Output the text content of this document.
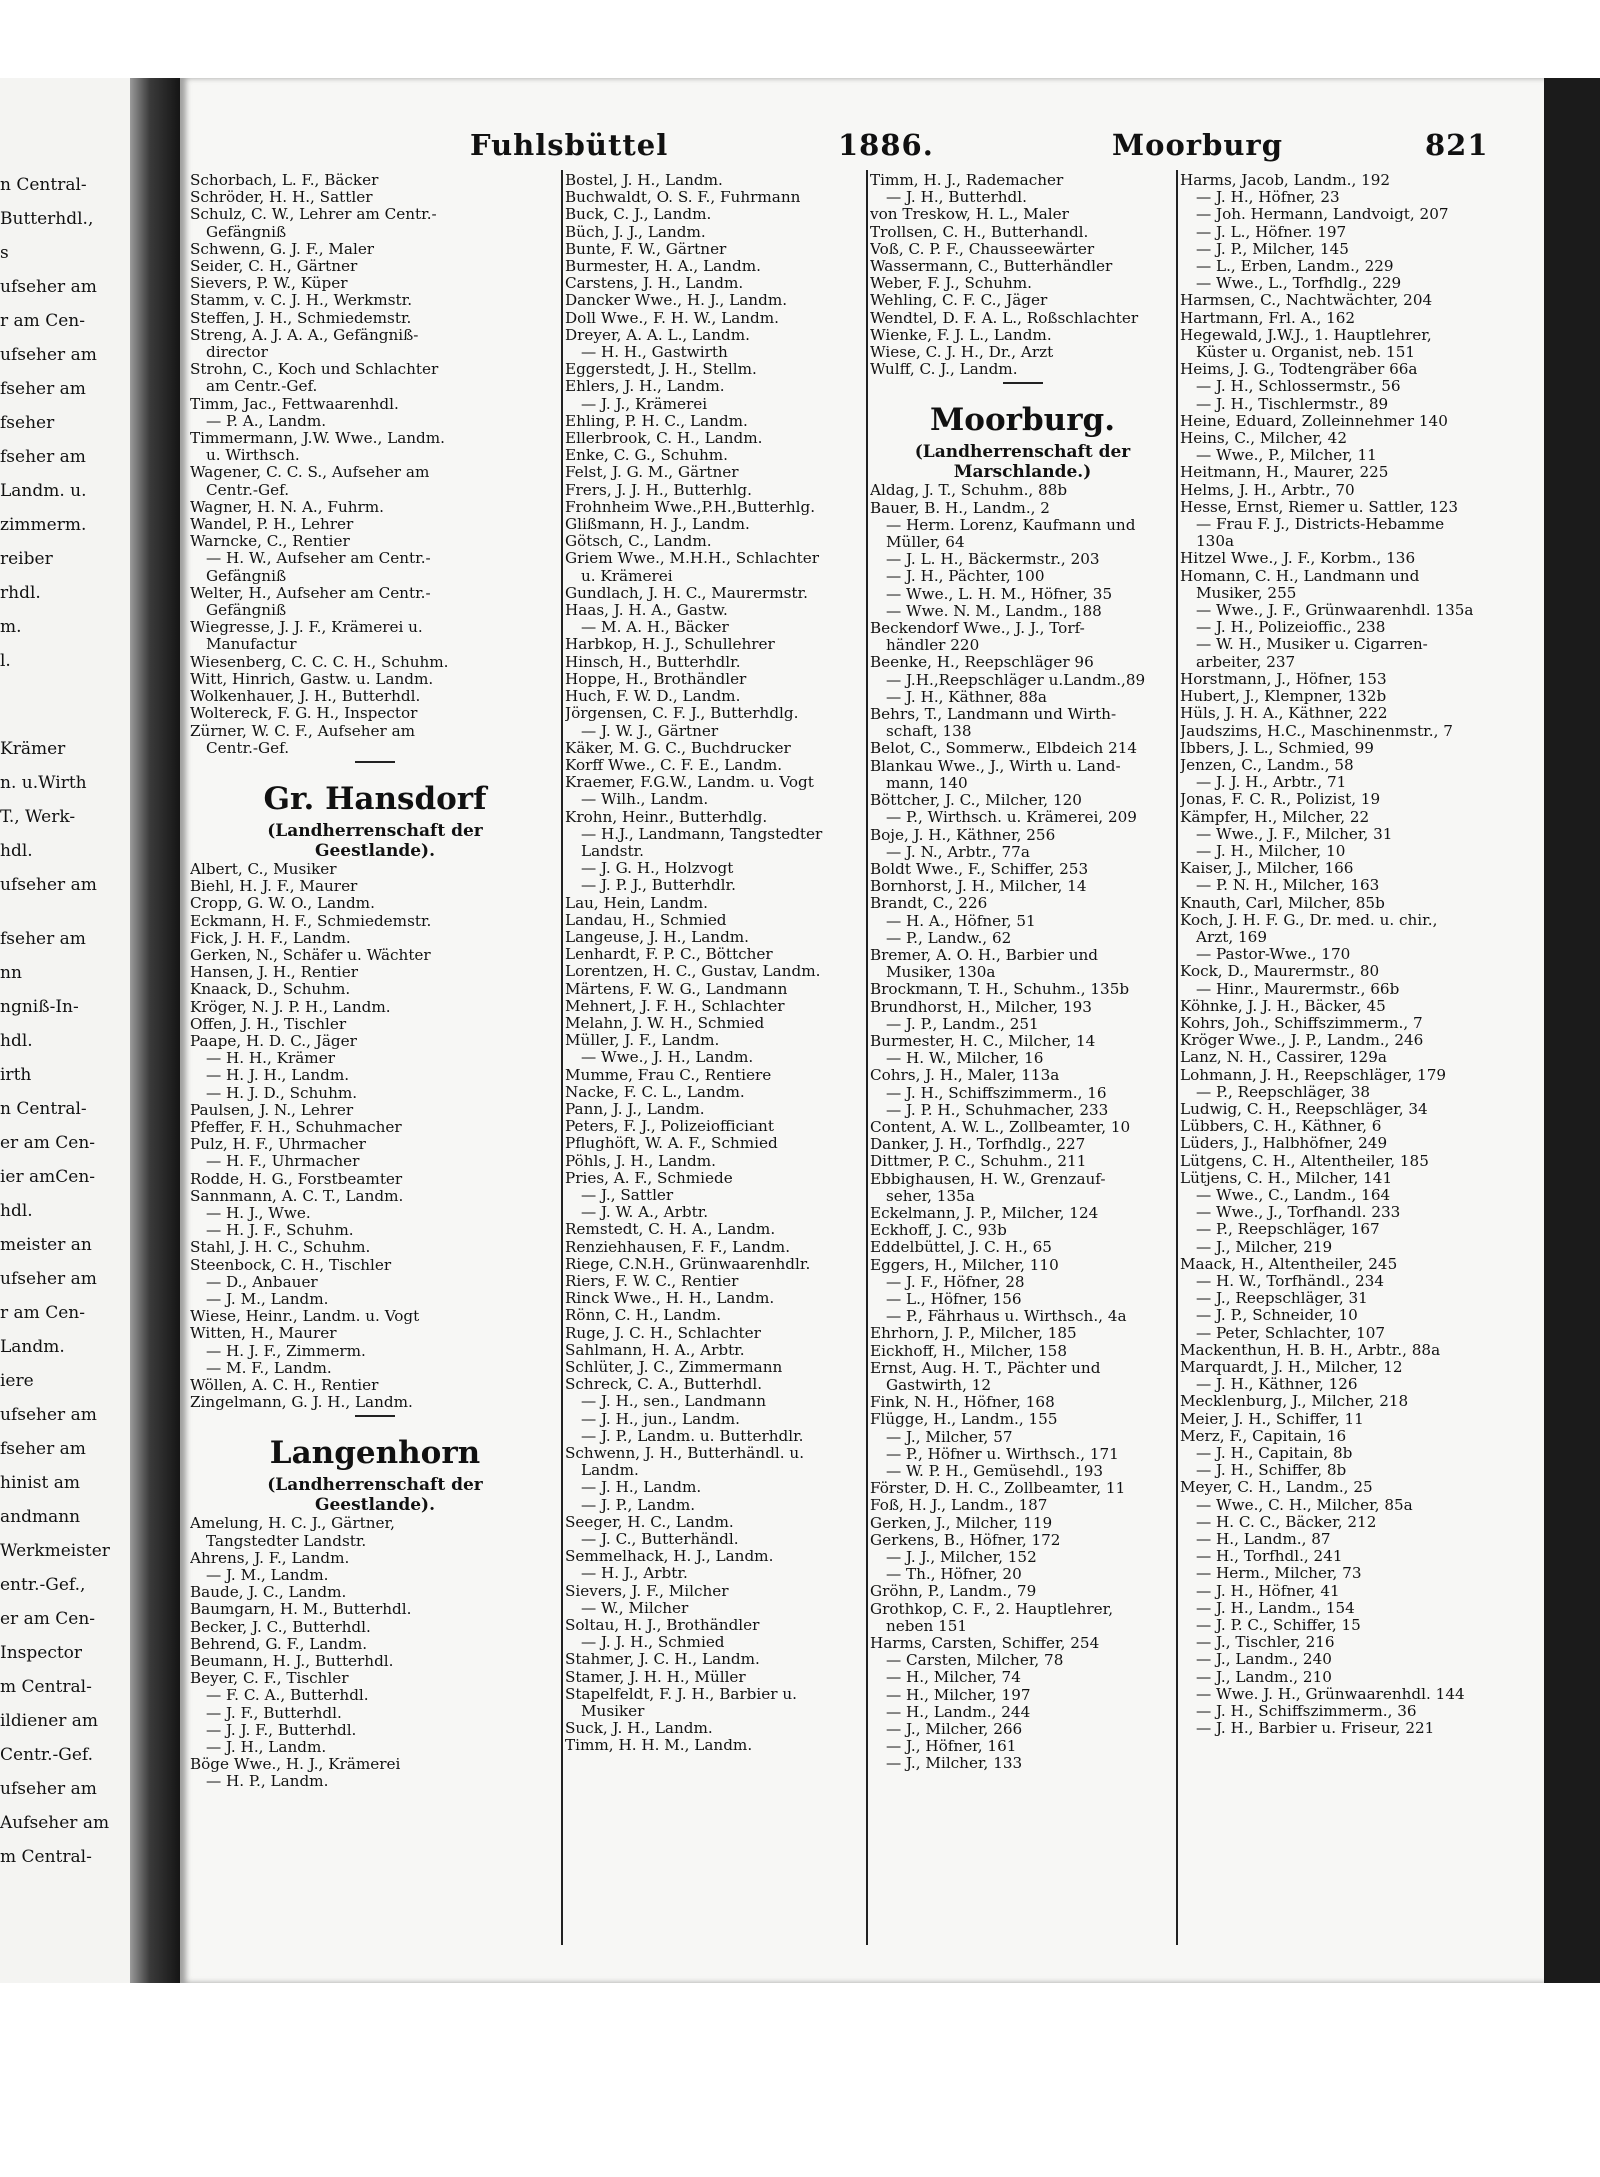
n Central-
Butterhdl.,
s
ufseher am
r am Cen-
ufseher am
fseher am
fseher
fseher am
Landm. u.
zimmerm.
reiber
rhdl.
m.
l.
Krämer
n. u.Wirth
T., Werk-
hdl.
ufseher am
fseher am
nn
ngniß-In-
hdl.
irth
n Central-
er am Cen-
ier amCen-
hdl.
meister an
ufseher am
r am Cen-
Landm.
iere
ufseher am
fseher am
hinist am
andmann
Werkmeister
entr.-Gef.,
er am Cen-
Inspector
m Central-
ildiener am
Centr.-Gef.
ufseher am
Aufseher am
m Central-
Fuhlsbüttel	1886.	Moorburg	821
Schorbach, L. F., Bäcker
Schröder, H. H., Sattler
Schulz, C. W., Lehrer am Centr.-
Gefängniß
Schwenn, G. J. F., Maler
Seider, C. H., Gärtner
Sievers, P. W., Küper
Stamm, v. C. J. H., Werkmstr.
Steffen, J. H., Schmiedemstr.
Streng, A. J. A. A., Gefängniß-
director
Strohn, C., Koch und Schlachter
am Centr.-Gef.
Timm, Jac., Fettwaarenhdl.
— P. A., Landm.
Timmermann, J.W. Wwe., Landm.
u. Wirthsch.
Wagener, C. C. S., Aufseher am
Centr.-Gef.
Wagner, H. N. A., Fuhrm.
Wandel, P. H., Lehrer
Warncke, C., Rentier
— H. W., Aufseher am Centr.-
Gefängniß
Welter, H., Aufseher am Centr.-
Gefängniß
Wiegresse, J. J. F., Krämerei u.
Manufactur
Wiesenberg, C. C. C. H., Schuhm.
Witt, Hinrich, Gastw. u. Landm.
Wolkenhauer, J. H., Butterhdl.
Woltereck, F. G. H., Inspector
Zürner, W. C. F., Aufseher am
Centr.-Gef.
Gr. Hansdorf
(Landherrenschaft der
Geestlande).
Albert, C., Musiker
Biehl, H. J. F., Maurer
Cropp, G. W. O., Landm.
Eckmann, H. F., Schmiedemstr.
Fick, J. H. F., Landm.
Gerken, N., Schäfer u. Wächter
Hansen, J. H., Rentier
Knaack, D., Schuhm.
Kröger, N. J. P. H., Landm.
Offen, J. H., Tischler
Paape, H. D. C., Jäger
— H. H., Krämer
— H. J. H., Landm.
— H. J. D., Schuhm.
Paulsen, J. N., Lehrer
Pfeffer, F. H., Schuhmacher
Pulz, H. F., Uhrmacher
— H. F., Uhrmacher
Rodde, H. G., Forstbeamter
Sannmann, A. C. T., Landm.
— H. J., Wwe.
— H. J. F., Schuhm.
Stahl, J. H. C., Schuhm.
Steenbock, C. H., Tischler
— D., Anbauer
— J. M., Landm.
Wiese, Heinr., Landm. u. Vogt
Witten, H., Maurer
— H. J. F., Zimmerm.
— M. F., Landm.
Wöllen, A. C. H., Rentier
Zingelmann, G. J. H., Landm.
Langenhorn
(Landherrenschaft der
Geestlande).
Amelung, H. C. J., Gärtner,
Tangstedter Landstr.
Ahrens, J. F., Landm.
— J. M., Landm.
Baude, J. C., Landm.
Baumgarn, H. M., Butterhdl.
Becker, J. C., Butterhdl.
Behrend, G. F., Landm.
Beumann, H. J., Butterhdl.
Beyer, C. F., Tischler
— F. C. A., Butterhdl.
— J. F., Butterhdl.
— J. J. F., Butterhdl.
— J. H., Landm.
Böge Wwe., H. J., Krämerei
— H. P., Landm.
Bostel, J. H., Landm.
Buchwaldt, O. S. F., Fuhrmann
Buck, C. J., Landm.
Büch, J. J., Landm.
Bunte, F. W., Gärtner
Burmester, H. A., Landm.
Carstens, J. H., Landm.
Dancker Wwe., H. J., Landm.
Doll Wwe., F. H. W., Landm.
Dreyer, A. A. L., Landm.
— H. H., Gastwirth
Eggerstedt, J. H., Stellm.
Ehlers, J. H., Landm.
— J. J., Krämerei
Ehling, P. H. C., Landm.
Ellerbrook, C. H., Landm.
Enke, C. G., Schuhm.
Felst, J. G. M., Gärtner
Frers, J. J. H., Butterhlg.
Frohnheim Wwe.,P.H.,Butterhlg.
Glißmann, H. J., Landm.
Götsch, C., Landm.
Griem Wwe., M.H.H., Schlachter
u. Krämerei
Gundlach, J. H. C., Maurermstr.
Haas, J. H. A., Gastw.
— M. A. H., Bäcker
Harbkop, H. J., Schullehrer
Hinsch, H., Butterhdlr.
Hoppe, H., Brothändler
Huch, F. W. D., Landm.
Jörgensen, C. F. J., Butterhdlg.
— J. W. J., Gärtner
Käker, M. G. C., Buchdrucker
Korff Wwe., C. F. E., Landm.
Kraemer, F.G.W., Landm. u. Vogt
— Wilh., Landm.
Krohn, Heinr., Butterhdlg.
— H.J., Landmann, Tangstedter
Landstr.
— J. G. H., Holzvogt
— J. P. J., Butterhdlr.
Lau, Hein, Landm.
Landau, H., Schmied
Langeuse, J. H., Landm.
Lenhardt, F. P. C., Böttcher
Lorentzen, H. C., Gustav, Landm.
Märtens, F. W. G., Landmann
Mehnert, J. F. H., Schlachter
Melahn, J. W. H., Schmied
Müller, J. F., Landm.
— Wwe., J. H., Landm.
Mumme, Frau C., Rentiere
Nacke, F. C. L., Landm.
Pann, J. J., Landm.
Peters, F. J., Polizeiofficiant
Pflughöft, W. A. F., Schmied
Pöhls, J. H., Landm.
Pries, A. F., Schmiede
— J., Sattler
— J. W. A., Arbtr.
Remstedt, C. H. A., Landm.
Renziehhausen, F. F., Landm.
Riege, C.N.H., Grünwaarenhdlr.
Riers, F. W. C., Rentier
Rinck Wwe., H. H., Landm.
Rönn, C. H., Landm.
Ruge, J. C. H., Schlachter
Sahlmann, H. A., Arbtr.
Schlüter, J. C., Zimmermann
Schreck, C. A., Butterhdl.
— J. H., sen., Landmann
— J. H., jun., Landm.
— J. P., Landm. u. Butterhdlr.
Schwenn, J. H., Butterhändl. u.
Landm.
— J. H., Landm.
— J. P., Landm.
Seeger, H. C., Landm.
— J. C., Butterhändl.
Semmelhack, H. J., Landm.
— H. J., Arbtr.
Sievers, J. F., Milcher
— W., Milcher
Soltau, H. J., Brothändler
— J. J. H., Schmied
Stahmer, J. C. H., Landm.
Stamer, J. H. H., Müller
Stapelfeldt, F. J. H., Barbier u.
Musiker
Suck, J. H., Landm.
Timm, H. H. M., Landm.
Timm, H. J., Rademacher
— J. H., Butterhdl.
von Treskow, H. L., Maler
Trollsen, C. H., Butterhandl.
Voß, C. P. F., Chausseewärter
Wassermann, C., Butterhändler
Weber, F. J., Schuhm.
Wehling, C. F. C., Jäger
Wendtel, D. F. A. L., Roßschlachter
Wienke, F. J. L., Landm.
Wiese, C. J. H., Dr., Arzt
Wulff, C. J., Landm.
Moorburg.
(Landherrenschaft der
Marschlande.)
Aldag, J. T., Schuhm., 88b
Bauer, B. H., Landm., 2
— Herm. Lorenz, Kaufmann und
Müller, 64
— J. L. H., Bäckermstr., 203
— J. H., Pächter, 100
— Wwe., L. H. M., Höfner, 35
— Wwe. N. M., Landm., 188
Beckendorf Wwe., J. J., Torf-
händler 220
Beenke, H., Reepschläger 96
— J.H.,Reepschläger u.Landm.,89
— J. H., Käthner, 88a
Behrs, T., Landmann und Wirth-
schaft, 138
Belot, C., Sommerw., Elbdeich 214
Blankau Wwe., J., Wirth u. Land-
mann, 140
Böttcher, J. C., Milcher, 120
— P., Wirthsch. u. Krämerei, 209
Boje, J. H., Käthner, 256
— J. N., Arbtr., 77a
Boldt Wwe., F., Schiffer, 253
Bornhorst, J. H., Milcher, 14
Brandt, C., 226
— H. A., Höfner, 51
— P., Landw., 62
Bremer, A. O. H., Barbier und
Musiker, 130a
Brockmann, T. H., Schuhm., 135b
Brundhorst, H., Milcher, 193
— J. P., Landm., 251
Burmester, H. C., Milcher, 14
— H. W., Milcher, 16
Cohrs, J. H., Maler, 113a
— J. H., Schiffszimmerm., 16
— J. P. H., Schuhmacher, 233
Content, A. W. L., Zollbeamter, 10
Danker, J. H., Torfhdlg., 227
Dittmer, P. C., Schuhm., 211
Ebbighausen, H. W., Grenzauf-
seher, 135a
Eckelmann, J. P., Milcher, 124
Eckhoff, J. C., 93b
Eddelbüttel, J. C. H., 65
Eggers, H., Milcher, 110
— J. F., Höfner, 28
— L., Höfner, 156
— P., Fährhaus u. Wirthsch., 4a
Ehrhorn, J. P., Milcher, 185
Eickhoff, H., Milcher, 158
Ernst, Aug. H. T., Pächter und
Gastwirth, 12
Fink, N. H., Höfner, 168
Flügge, H., Landm., 155
— J., Milcher, 57
— P., Höfner u. Wirthsch., 171
— W. P. H., Gemüsehdl., 193
Förster, D. H. C., Zollbeamter, 11
Foß, H. J., Landm., 187
Gerken, J., Milcher, 119
Gerkens, B., Höfner, 172
— J. J., Milcher, 152
— Th., Höfner, 20
Gröhn, P., Landm., 79
Grothkop, C. F., 2. Hauptlehrer,
neben 151
Harms, Carsten, Schiffer, 254
— Carsten, Milcher, 78
— H., Milcher, 74
— H., Milcher, 197
— H., Landm., 244
— J., Milcher, 266
— J., Höfner, 161
— J., Milcher, 133
Harms, Jacob, Landm., 192
— J. H., Höfner, 23
— Joh. Hermann, Landvoigt, 207
— J. L., Höfner. 197
— J. P., Milcher, 145
— L., Erben, Landm., 229
— Wwe., L., Torfhdlg., 229
Harmsen, C., Nachtwächter, 204
Hartmann, Frl. A., 162
Hegewald, J.W.J., 1. Hauptlehrer,
Küster u. Organist, neb. 151
Heims, J. G., Todtengräber 66a
— J. H., Schlossermstr., 56
— J. H., Tischlermstr., 89
Heine, Eduard, Zolleinnehmer 140
Heins, C., Milcher, 42
— Wwe., P., Milcher, 11
Heitmann, H., Maurer, 225
Helms, J. H., Arbtr., 70
Hesse, Ernst, Riemer u. Sattler, 123
— Frau F. J., Districts-Hebamme
130a
Hitzel Wwe., J. F., Korbm., 136
Homann, C. H., Landmann und
Musiker, 255
— Wwe., J. F., Grünwaarenhdl. 135a
— J. H., Polizeioffic., 238
— W. H., Musiker u. Cigarren-
arbeiter, 237
Horstmann, J., Höfner, 153
Hubert, J., Klempner, 132b
Hüls, J. H. A., Käthner, 222
Jaudszims, H.C., Maschinenmstr., 7
Ibbers, J. L., Schmied, 99
Jenzen, C., Landm., 58
— J. J. H., Arbtr., 71
Jonas, F. C. R., Polizist, 19
Kämpfer, H., Milcher, 22
— Wwe., J. F., Milcher, 31
— J. H., Milcher, 10
Kaiser, J., Milcher, 166
— P. N. H., Milcher, 163
Knauth, Carl, Milcher, 85b
Koch, J. H. F. G., Dr. med. u. chir.,
Arzt, 169
— Pastor-Wwe., 170
Kock, D., Maurermstr., 80
— Hinr., Maurermstr., 66b
Köhnke, J. J. H., Bäcker, 45
Kohrs, Joh., Schiffszimmerm., 7
Kröger Wwe., J. P., Landm., 246
Lanz, N. H., Cassirer, 129a
Lohmann, J. H., Reepschläger, 179
— P., Reepschläger, 38
Ludwig, C. H., Reepschläger, 34
Lübbers, C. H., Käthner, 6
Lüders, J., Halbhöfner, 249
Lütgens, C. H., Altentheiler, 185
Lütjens, C. H., Milcher, 141
— Wwe., C., Landm., 164
— Wwe., J., Torfhandl. 233
— P., Reepschläger, 167
— J., Milcher, 219
Maack, H., Altentheiler, 245
— H. W., Torfhändl., 234
— J., Reepschläger, 31
— J. P., Schneider, 10
— Peter, Schlachter, 107
Mackenthun, H. B. H., Arbtr., 88a
Marquardt, J. H., Milcher, 12
— J. H., Käthner, 126
Mecklenburg, J., Milcher, 218
Meier, J. H., Schiffer, 11
Merz, F., Capitain, 16
— J. H., Capitain, 8b
— J. H., Schiffer, 8b
Meyer, C. H., Landm., 25
— Wwe., C. H., Milcher, 85a
— H. C. C., Bäcker, 212
— H., Landm., 87
— H., Torfhdl., 241
— Herm., Milcher, 73
— J. H., Höfner, 41
— J. H., Landm., 154
— J. P. C., Schiffer, 15
— J., Tischler, 216
— J., Landm., 240
— J., Landm., 210
— Wwe. J. H., Grünwaarenhdl. 144
— J. H., Schiffszimmerm., 36
— J. H., Barbier u. Friseur, 221
